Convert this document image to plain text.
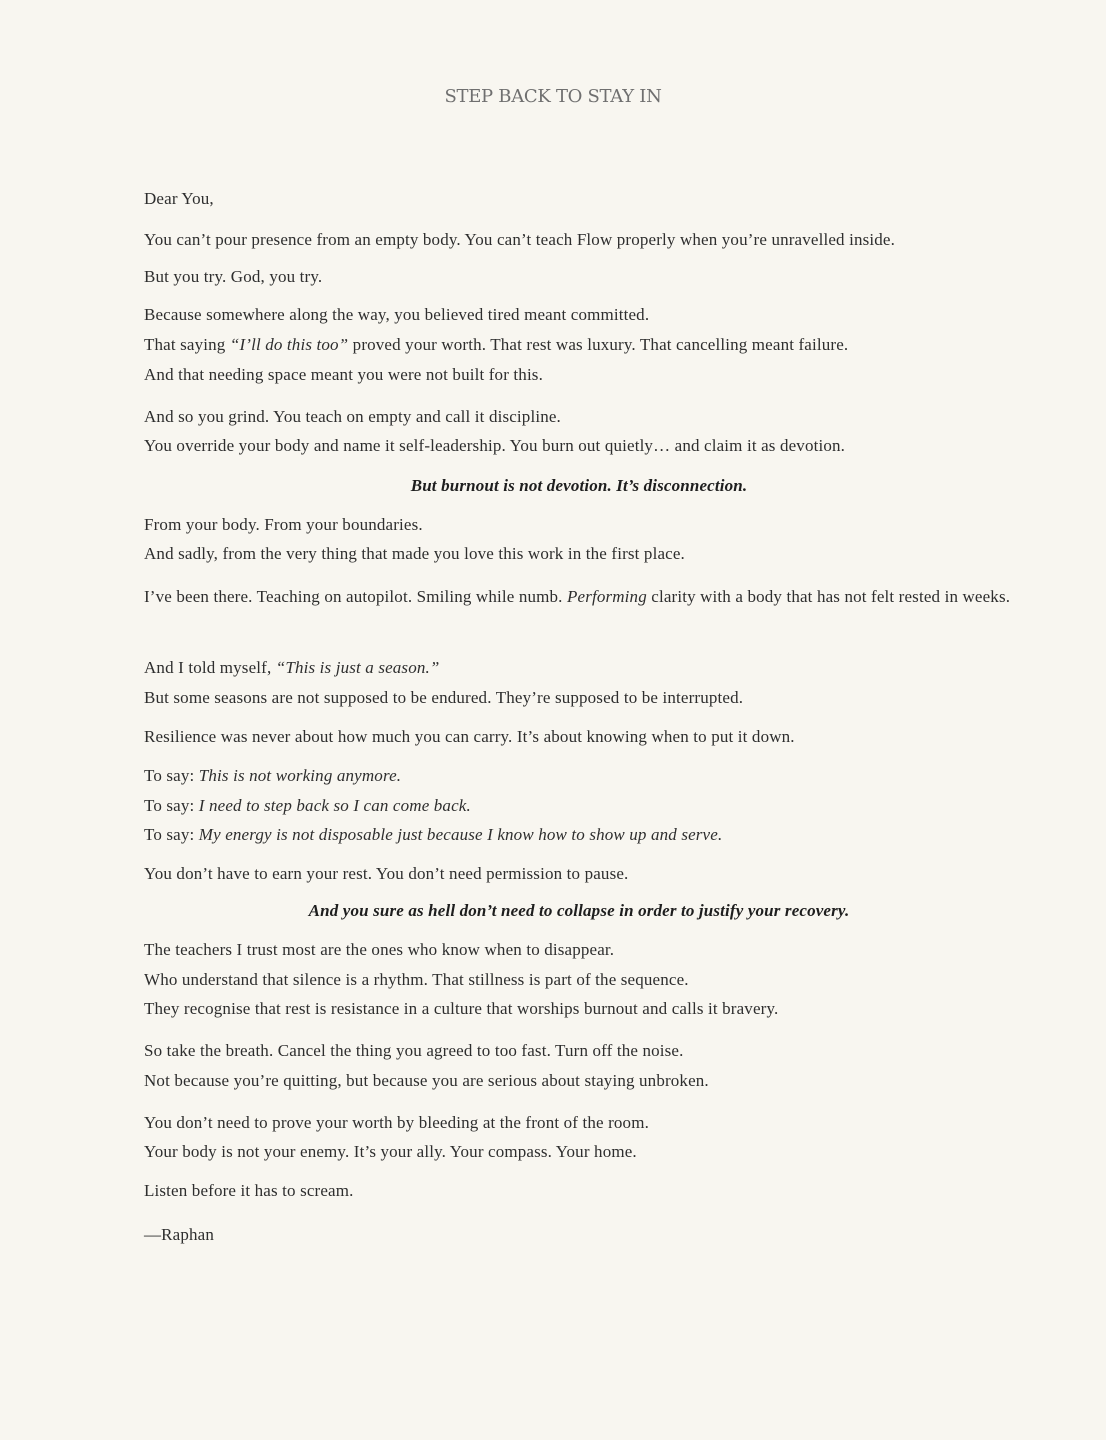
STEP BACK TO STAY IN
Dear You,
You can’t pour presence from an empty body. You can’t teach Flow properly when you’re unravelled inside.
But you try. God, you try.
Because somewhere along the way, you believed tired meant committed.
That saying “I’ll do this too” proved your worth. That rest was luxury. That cancelling meant failure.
And that needing space meant you were not built for this.
And so you grind. You teach on empty and call it discipline.
You override your body and name it self-leadership. You burn out quietly… and claim it as devotion.
But burnout is not devotion. It’s disconnection.
From your body. From your boundaries.
And sadly, from the very thing that made you love this work in the first place.
I’ve been there. Teaching on autopilot. Smiling while numb. Performing clarity with a body that has not felt rested in weeks.
And I told myself, “This is just a season.”
But some seasons are not supposed to be endured. They’re supposed to be interrupted.
Resilience was never about how much you can carry. It’s about knowing when to put it down.
To say: This is not working anymore.
To say: I need to step back so I can come back.
To say: My energy is not disposable just because I know how to show up and serve.
You don’t have to earn your rest. You don’t need permission to pause.
And you sure as hell don’t need to collapse in order to justify your recovery.
The teachers I trust most are the ones who know when to disappear.
Who understand that silence is a rhythm. That stillness is part of the sequence.
They recognise that rest is resistance in a culture that worships burnout and calls it bravery.
So take the breath. Cancel the thing you agreed to too fast. Turn off the noise.
Not because you’re quitting, but because you are serious about staying unbroken.
You don’t need to prove your worth by bleeding at the front of the room.
Your body is not your enemy. It’s your ally. Your compass. Your home.
Listen before it has to scream.
—Raphan
